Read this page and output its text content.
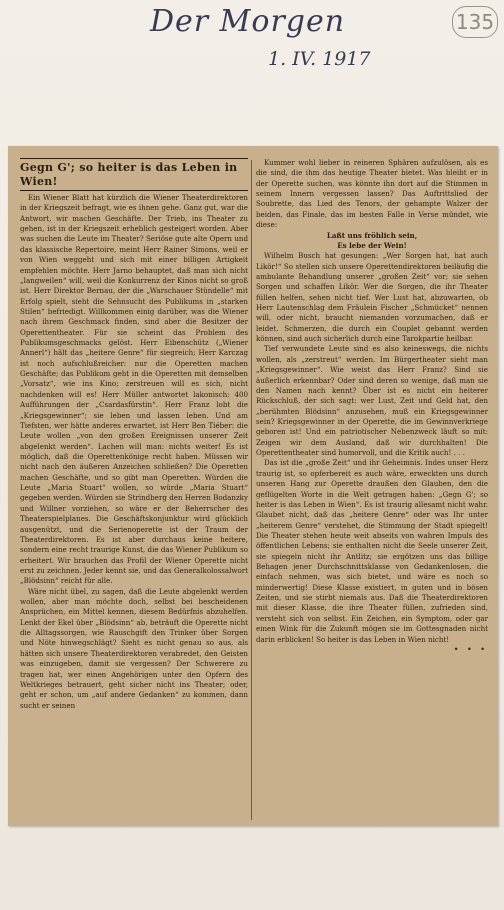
Der Morgen
1. IV. 1917
135
Gegn G'; so heiter is das Leben in Wien!

Ein Wiener Blatt hat kürzlich die Wiener Theaterdirektoren in der Kriegszeit befragt, wie es ihnen gehe. Ganz gut, war die Antwort, wir machen Geschäfte. Der Trieb, ins Theater zu gehen, ist in der Kriegszeit erheblich gesteigert worden. Aber was suchen die Leute im Theater? Seriöse gute alte Opern und das klassische Repertoire, meint Herr Rainer Simons, weil er von Wien weggeht und sich mit einer billigen Artigkeit empfehlen möchte. Herr Jarno behauptet, daß man sich nicht „langweilen“ will, weil die Konkurrenz der Kinos nicht so groß ist. Herr Direktor Bernau, der die „Warschauer Stündelle“ mit Erfolg spielt, sieht die Sehnsucht des Publikums in „starken Stilen“ befriedigt. Willkommen einig darüber, was die Wiener nach ihrem Geschmack finden, sind aber die Besitzer der Operettentheater. Für sie scheint das Problem des Publikumsgeschmacks gelöst. Herr Eibenschütz („Wiener Annerl“) hält das „heitere Genre“ für siegreich; Herr Karczag ist noch aufschlußreicher: nur die Operetten machen Geschäfte; das Publikum geht in die Operetten mit demselben „Vorsatz“, wie ins Kino; zerstreuen will es sich, nicht nachdenken will es! Herr Müller antwortet lakonisch: 400 Aufführungen der „Csardasfürstin“. Herr Franz lobt die „Kriegsgewinner“; sie leben und lassen leben. Und am Tiefsten, wer hätte anderes erwartet, ist Herr Ben Tiéber: die Leute wollen „von den großen Ereignissen unserer Zeit abgelenkt werden“. Lachen will man: nichts weiter! Es ist möglich, daß die Operettenkönige recht haben. Müssen wir nicht nach den äußeren Anzeichen schließen? Die Operetten machen Geschäfte, und so gibt man Operetten. Würden die Leute „Maria Stuart“ wollen, so würde „Maria Stuart“ gegeben werden. Würden sie Strindberg den Herren Bodanzky und Willner vorziehen, so wäre er der Beherrscher des Theaterspielplanes. Die Geschäftskonjunktur wird glücklich ausgenützt, und die Serienoperette ist der Traum der Theaterdirektoren. Es ist aber durchaus keine heitere, sondern eine recht traurige Kunst, die das Wiener Publikum so erheitert. Wir brauchen das Profil der Wiener Operette nicht erst zu zeichnen. Jeder kennt sie, und das Generalkolossalwort „Blödsinn“ reicht für alle.

Wäre nicht übel, zu sagen, daß die Leute abgelenkt werden wollen, aber man möchte doch, selbst bei bescheidenen Ansprüchen, ein Mittel kennen, diesem Bedürfnis abzuhelfen. Lenkt der Ekel über „Blödsinn“ ab, beträuft die Operette nicht die Alltagssorgen, wie Rauschgift den Trinker über Sorgen und Nöte hinwegschlägt? Sieht es nicht genau so aus, als hätten sich unsere Theaterdirektoren verabredet, den Geisten was einzugeben, damit sie vergessen? Der Schwerere zu tragen hat, wer einen Angehörigen unter den Opfern des Weltkrieges betrauert, geht sicher nicht ins Theater; oder, geht er schon, um „auf andere Gedanken“ zu kommen, dann sucht er seinen

Kummer wohl lieber in reineren Sphären aufzulösen, als es die sind, die ihm das heutige Theater bietet. Was bleibt er in der Operette suchen, was könnte ihn dort auf die Stimmen in seinem Innern vergessen lassen? Das Auftrittslied der Soubrette, das Lied des Tenors, der gehampte Walzer der beiden, das Finale, das im besten Falle in Verse mündet, wie diese:

Laßt uns fröhlich sein,

Es lebe der Wein!

Wilhelm Busch hat gesungen: „Wer Sorgen hat, hat auch Likör!“ So stellen sich unsere Operettendirektoren beiläufig die ambulante Behandlung unserer „großen Zeit“ vor; sie sehen Sorgen und schaffen Likör. Wer die Sorgen, die ihr Theater füllen helfen, sehen nicht tief. Wer Lust hat, abzuwarten, ob Herr Lautenschlag dem Fräulein Fischer „Schmücket“ nennen will, oder nicht, braucht niemanden vorzumachen, daß er leidet. Schmerzen, die durch ein Couplet gebannt werden können, sind auch sicherlich durch eine Tarokpartie heilbar.

Tief verwundete Leute sind es also keineswegs, die nichts wollen, als „zerstreut“ werden. Im Bürgertheater sieht man „Kriegsgewinner“. Wie weist das Herr Franz? Sind sie äußerlich erkennbar? Oder sind deren so wenige, daß man sie den Namen nach kennt? Über ist es nicht ein heiterer Rückschluß, der sich sagt: wer Lust, Zeit und Geld hat, den „berühmten Blödsinn“ anzusehen, muß ein Kriegsgewinner sein? Kriegsgewinner in der Operette, die im Gewinnverkriege geboren ist! Und ein patriotischer Nebenzweck läuft so mit: Zeigen wir dem Ausland, daß wir durchhalten! Die Operettentheater sind humorvoll, und die Kritik auch! . . .

Das ist die „große Zeit“ und ihr Geheimnis. Indes unser Herz traurig ist, so opferbereit es auch wäre, erweckten uns durch unseren Hang zur Operette draußen den Glauben, den die geflügelten Worte in die Welt getragen haben: „Gegn G'; so heiter is das Leben in Wien“. Es ist traurig allesamt nicht wahr. Glaubet nicht, daß das „heitere Genre“ oder was Ihr unter „heiterem Genre“ verstehet, die Stimmung der Stadt spiegelt! Die Theater stehen heute weit abseits von wahren Impuls des öffentlichen Lebens; sie enthalten nicht die Seele unserer Zeit, sie spiegeln nicht ihr Antlitz; sie ergötzen uns das billige Behagen jener Durchschnittsklasse von Gedankenlosen, die einfach nehmen, was sich bietet, und wäre es noch so minderwertig! Diese Klasse existiert, in guten und in bösen Zeiten, und sie stirbt niemals aus. Daß die Theaterdirektoren mit dieser Klasse, die ihre Theater füllen, zufrieden sind, versteht sich von selbst. Ein Zeichen, ein Symptom, oder gar einen Wink für die Zukunft mögen sie im Gottesgnaden nicht darin erblicken! So heiter is das Leben in Wien nicht!

• • •
